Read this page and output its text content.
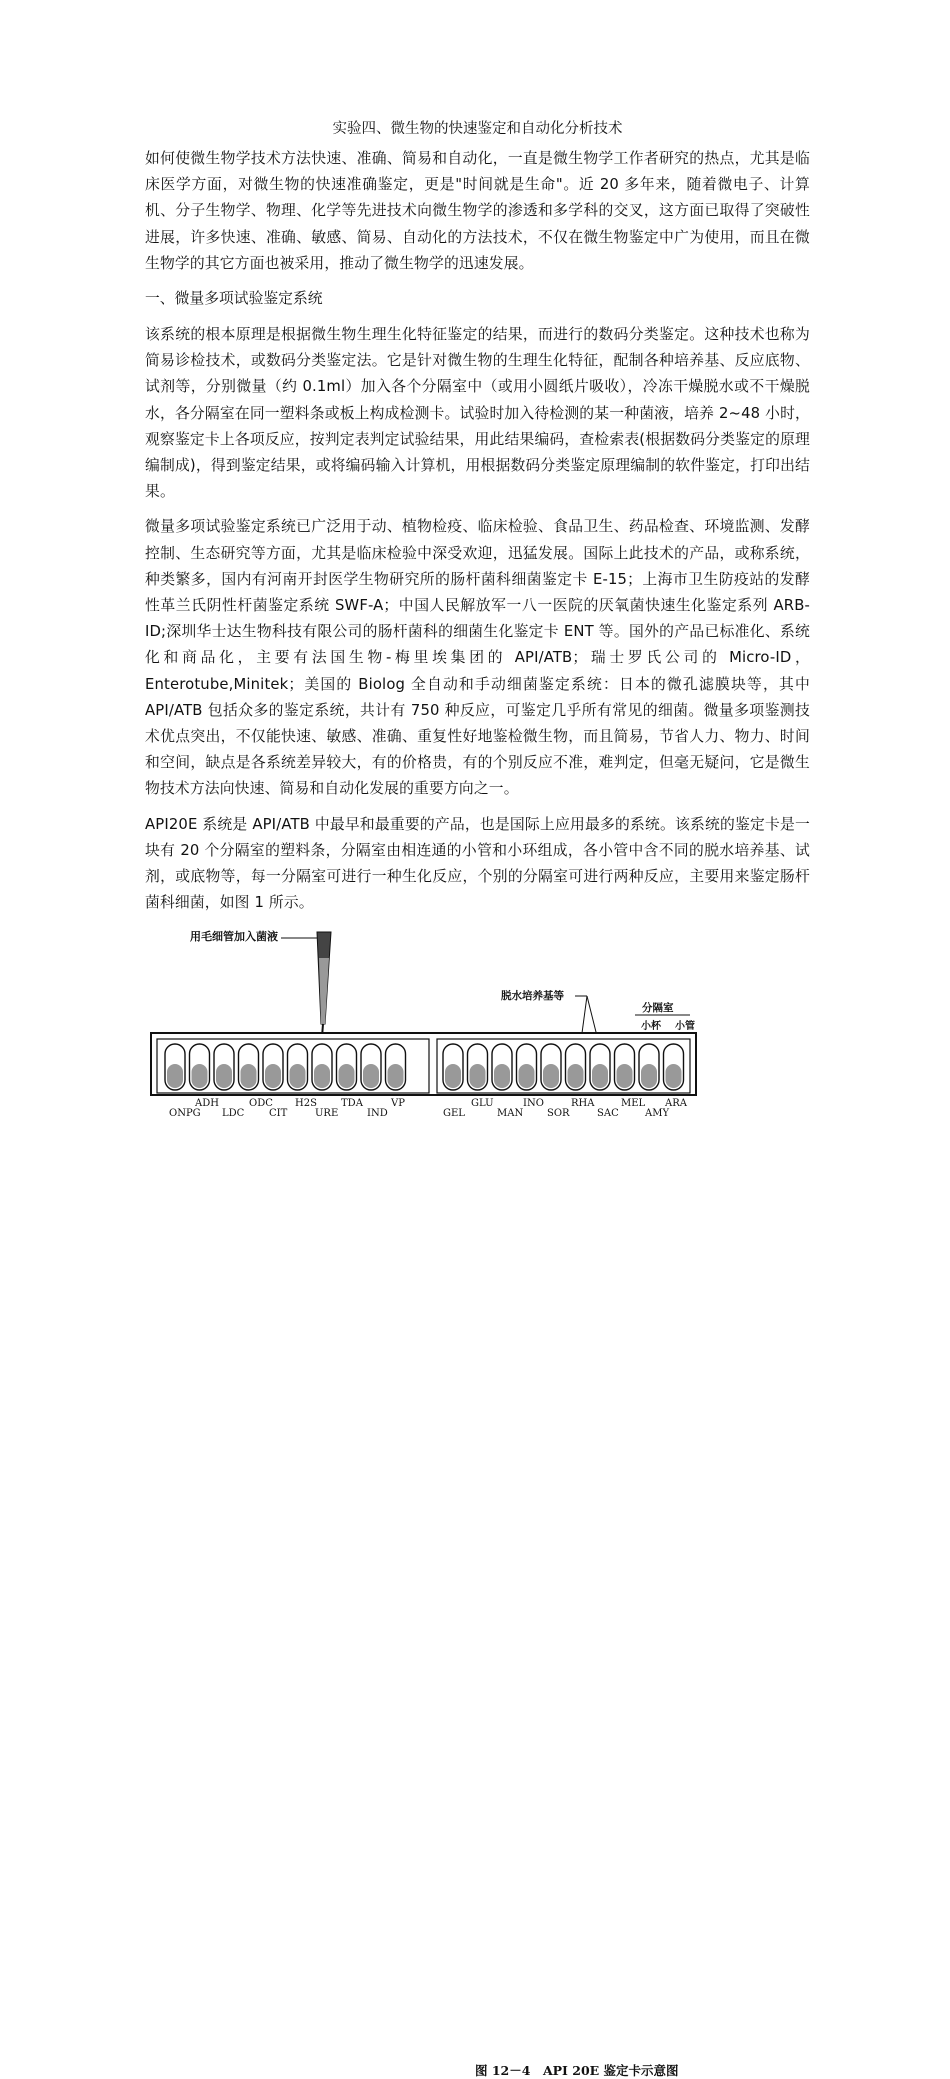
实验四、微生物的快速鉴定和自动化分析技术

如何使微生物学技术方法快速、准确、简易和自动化，一直是微生物学工作者研究的热点，尤其是临床医学方面，对微生物的快速准确鉴定，更是"时间就是生命"。近 20 多年来，随着微电子、计算机、分子生物学、物理、化学等先进技术向微生物学的渗透和多学科的交叉，这方面已取得了突破性进展，许多快速、准确、敏感、简易、自动化的方法技术，不仅在微生物鉴定中广为使用，而且在微生物学的其它方面也被采用，推动了微生物学的迅速发展。

一、微量多项试验鉴定系统

该系统的根本原理是根据微生物生理生化特征鉴定的结果，而进行的数码分类鉴定。这种技术也称为简易诊检技术，或数码分类鉴定法。它是针对微生物的生理生化特征，配制各种培养基、反应底物、试剂等，分别微量（约 0.1ml）加入各个分隔室中（或用小圆纸片吸收），冷冻干燥脱水或不干燥脱水，各分隔室在同一塑料条或板上构成检测卡。试验时加入待检测的某一种菌液，培养 2~48 小时，观察鉴定卡上各项反应，按判定表判定试验结果，用此结果编码，查检索表(根据数码分类鉴定的原理编制成)，得到鉴定结果，或将编码输入计算机，用根据数码分类鉴定原理编制的软件鉴定，打印出结果。

微量多项试验鉴定系统已广泛用于动、植物检疫、临床检验、食品卫生、药品检查、环境监测、发酵控制、生态研究等方面，尤其是临床检验中深受欢迎，迅猛发展。国际上此技术的产品，或称系统，种类繁多，国内有河南开封医学生物研究所的肠杆菌科细菌鉴定卡 E-15；上海市卫生防疫站的发酵性革兰氏阴性杆菌鉴定系统 SWF-A；中国人民解放军一八一医院的厌氧菌快速生化鉴定系列 ARB-ID;深圳华士达生物科技有限公司的肠杆菌科的细菌生化鉴定卡 ENT 等。国外的产品已标准化、系统化和商品化，主要有法国生物-梅里埃集团的 API/ATB；瑞士罗氏公司的 Micro-ID，Enterotube,Minitek；美国的 Biolog 全自动和手动细菌鉴定系统：日本的微孔滤膜块等，其中 API/ATB 包括众多的鉴定系统，共计有 750 种反应，可鉴定几乎所有常见的细菌。微量多项鉴测技术优点突出，不仅能快速、敏感、准确、重复性好地鉴检微生物，而且简易，节省人力、物力、时间和空间，缺点是各系统差异较大，有的价格贵，有的个别反应不准，难判定，但毫无疑问，它是微生物技术方法向快速、简易和自动化发展的重要方向之一。

API20E 系统是 API/ATB 中最早和最重要的产品，也是国际上应用最多的系统。该系统的鉴定卡是一块有 20 个分隔室的塑料条，分隔室由相连通的小管和小环组成，各小管中含不同的脱水培养基、试剂，或底物等，每一分隔室可进行一种生化反应，个别的分隔室可进行两种反应，主要用来鉴定肠杆菌科细菌，如图 1 所示。

用毛细管加入菌液
脱水培养基等
分隔室
小杯 小管
ADH	ODC H2S TDA	VP
ONPG LDC CIT	URE	IND
GLU	INO	RHA	MEL ARA
GEL	MAN SOR	SAC	AMY
图 12－4　API 20E 鉴定卡示意图
